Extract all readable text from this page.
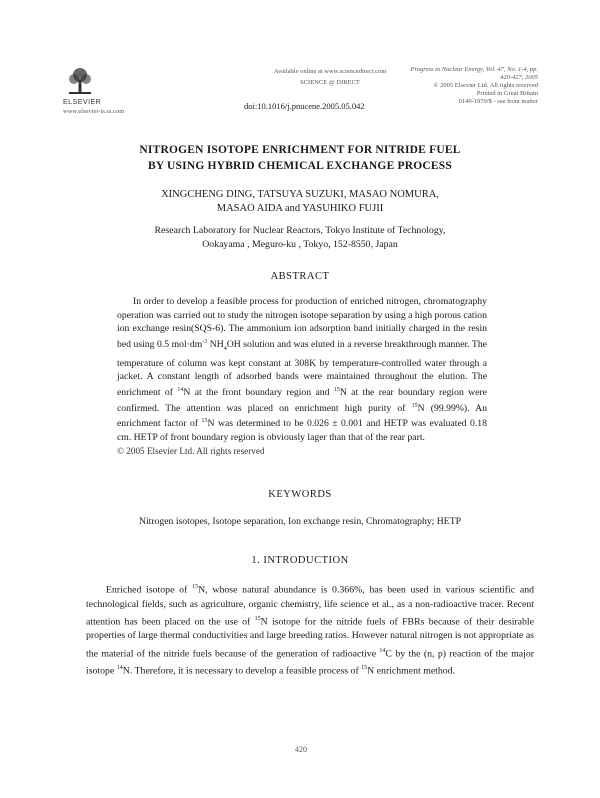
ELSEVIER
www.elsevier-ts.ss.com
Available online at www.sciencedirect.com
SCIENCE @ DIRECT
Progress in Nuclear Energy, Vol. 47, No. 1-4, pp. 420-427, 2005
© 2005 Elsevier Ltd. All rights reserved
Printed in Great Britain
0149-1970/$ - see front matter
doi:10.1016/j.pnucene.2005.05.042
NITROGEN ISOTOPE ENRICHMENT FOR NITRIDE FUEL
BY USING HYBRID CHEMICAL EXCHANGE PROCESS
XINGCHENG DING, TATSUYA SUZUKI, MASAO NOMURA,
MASAO AIDA and YASUHIKO FUJII
Research Laboratory for Nuclear Reactors, Tokyo Institute of Technology,
Ookayama , Meguro-ku , Tokyo, 152-8550, Japan
ABSTRACT

In order to develop a feasible process for production of enriched nitrogen, chromatography operation was carried out to study the nitrogen isotope separation by using a high porous cation ion exchange resin(SQS-6). The ammonium ion adsorption band initially charged in the resin bed using 0.5 $mol\cdot dm^{-3}$ $NH_4OH$ solution and was eluted in a reverse breakthrough manner. The temperature of column was kept constant at 308K by temperature-controlled water through a jacket. A constant length of adsorbed bands were maintained throughout the elution. The enrichment of $^{14}$N at the front boundary region and $^{15}$N at the rear boundary region were confirmed. The attention was placed on enrichment high purity of $^{15}$N (99.99%). An enrichment factor of $^{15}$N was determined to be 0.026 ± 0.001 and HETP was evaluated 0.18 cm. HETP of front boundary region is obviously lager than that of the rear part.

© 2005 Elsevier Ltd. All rights reserved
KEYWORDS
Nitrogen isotopes, Isotope separation, Ion exchange resin, Chromatography; HETP
1. INTRODUCTION

Enriched isotope of $^{15}$N, whose natural abundance is 0.366%, has been used in various scientific and technological fields, such as agriculture, organic chemistry, life science et al., as a non-radioactive tracer. Recent attention has been placed on the use of $^{15}$N isotope for the nitride fuels of FBRs because of their desirable properties of large thermal conductivities and large breeding ratios. However natural nitrogen is not appropriate as the material of the nitride fuels because of the generation of radioactive $^{14}$C by the (n, p) reaction of the major isotope $^{14}$N. Therefore, it is necessary to develop a feasible process of $^{15}$N enrichment method.

420
